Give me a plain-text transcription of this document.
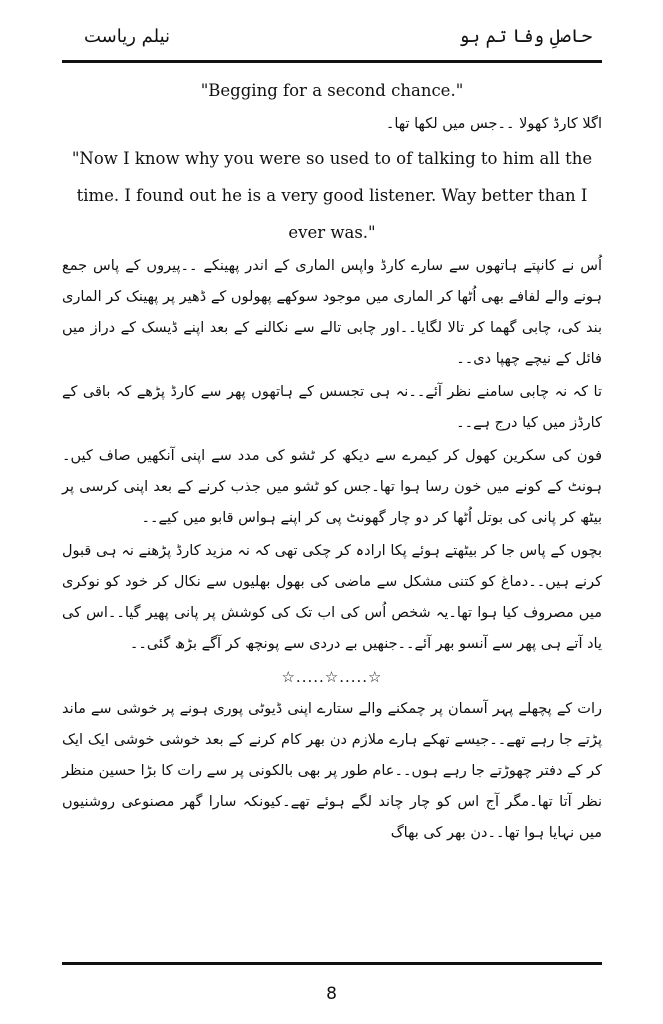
نیلم ریاست	حاصلِ وفا تم ہو

"Begging for a second chance."

اگلا کارڈ کھولا ۔۔جس میں لکھا تھا۔

"Now I know why you were so used to of talking to him all the time. I found out he is a very good listener. Way better than I ever was."

اُس نے کانپتے ہاتھوں سے سارے کارڈ واپس الماری کے اندر پھینکے ۔۔پیروں کے پاس جمع ہونے والے لفافے بھی اُٹھا کر الماری میں موجود سوکھے پھولوں کے ڈھیر پر پھینک کر الماری بند کی، چابی گھما کر تالا لگایا۔۔اور چابی تالے سے نکالنے کے بعد اپنے ڈیسک کے دراز میں فائل کے نیچے چھپا دی۔۔

تا کہ نہ چابی سامنے نظر آئے۔۔نہ ہی تجسس کے ہاتھوں پھر سے کارڈ پڑھے کہ باقی کے کارڈز میں کیا درج ہے۔۔

فون کی سکرین کھول کر کیمرے سے دیکھ کر ٹشو کی مدد سے اپنی آنکھیں صاف کیں۔ہونٹ کے کونے میں خون رسا ہوا تھا۔جس کو ٹشو میں جذب کرنے کے بعد اپنی کرسی پر بیٹھ کر پانی کی بوتل اُٹھا کر دو چار گھونٹ پی کر اپنے ہواس قابو میں کیے۔۔

بچوں کے پاس جا کر بیٹھتے ہوئے پکا ارادہ کر چکی تھی کہ نہ مزید کارڈ پڑھنے نہ ہی قبول کرنے ہیں۔۔دماغ کو کتنی مشکل سے ماضی کی بھول بھلیوں سے نکال کر خود کو نوکری میں مصروف کیا ہوا تھا۔یہ شخص اُس کی اب تک کی کوشش پر پانی پھیر گیا۔۔اس کی یاد آتے ہی پھر سے آنسو بھر آئے۔۔جنھیں بے دردی سے پونچھ کر آگے بڑھ گئی۔۔

☆.....☆.....☆

رات کے پچھلے پہر آسمان پر چمکنے والے ستارے اپنی ڈیوٹی پوری ہونے پر خوشی سے ماند پڑتے جا رہے تھے۔۔جیسے تھکے ہارے ملازم دن بھر کام کرنے کے بعد خوشی خوشی ایک ایک کر کے دفتر چھوڑتے جا رہے ہوں۔۔عام طور پر بھی بالکونی پر سے رات کا بڑا حسین منظر نظر آتا تھا۔مگر آج اس کو چار چاند لگے ہوئے تھے۔کیونکہ سارا گھر مصنوعی روشنیوں میں نہایا ہوا تھا۔۔دن بھر کی بھاگ

8
